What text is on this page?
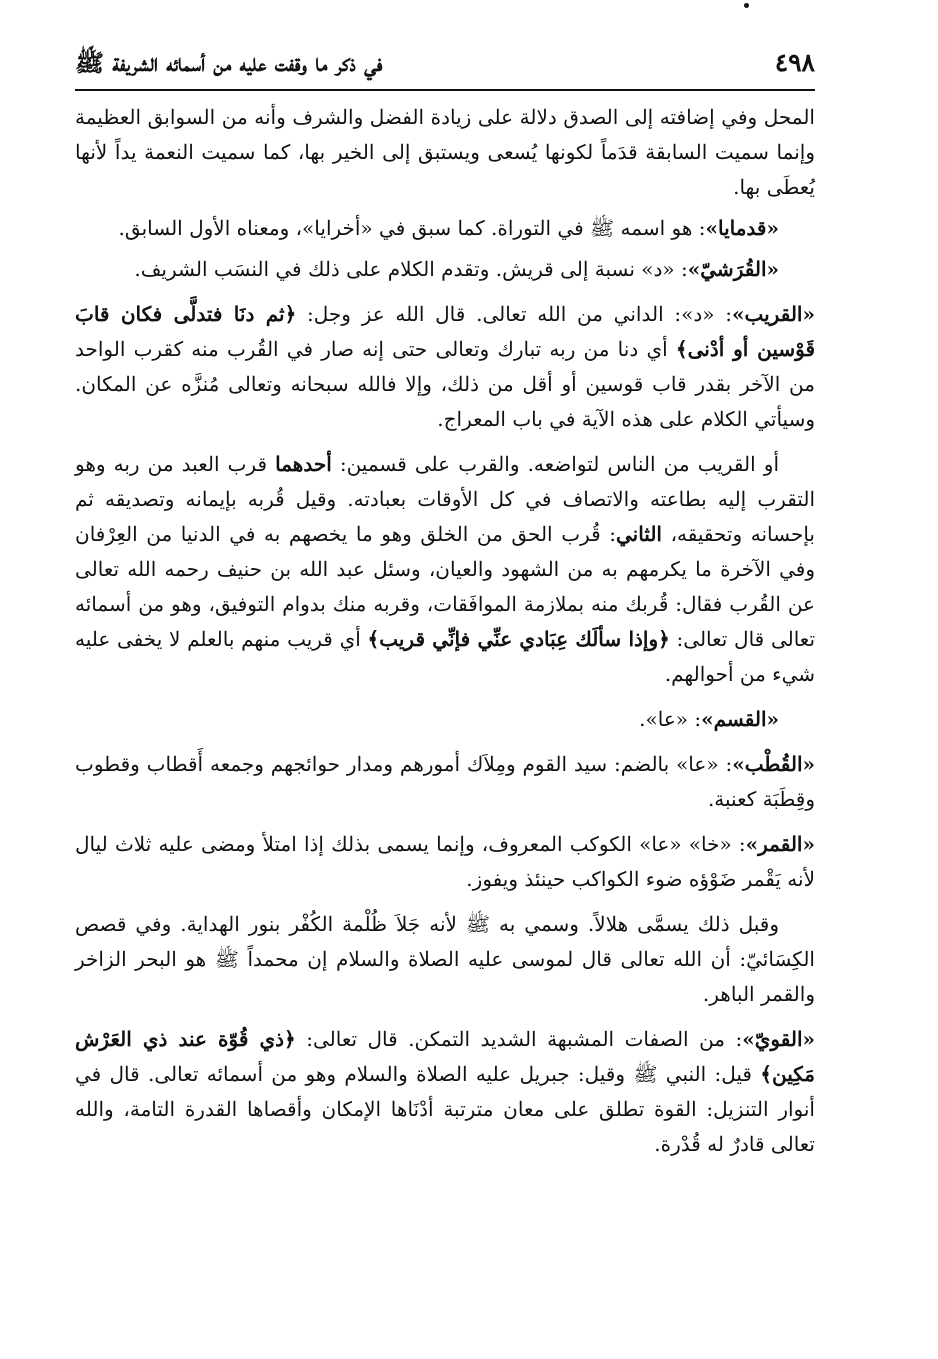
٤٩٨
في ذكر ما وقفت عليه من أسمائه الشريفة ﷺ

المحل وفي إضافته إلى الصدق دلالة على زيادة الفضل والشرف وأنه من السوابق العظيمة وإنما سميت السابقة قدَماً لكونها يُسعى ويستبق إلى الخير بها، كما سميت النعمة يداً لأنها يُعطَى بها.

«قدمايا»: هو اسمه ﷺ في التوراة. كما سبق في «أخرايا»، ومعناه الأول السابق.

«القُرَشيّ»: «د» نسبة إلى قريش. وتقدم الكلام على ذلك في النسَب الشريف.

«القريب»: «د»: الداني من الله تعالى. قال الله عز وجل: ﴿ثم دنَا فتدلَّى فكان قابَ قَوْسين أو أدْنى﴾ أي دنا من ربه تبارك وتعالى حتى إنه صار في القُرب منه كقرب الواحد من الآخر بقدر قاب قوسين أو أقل من ذلك، وإلا فالله سبحانه وتعالى مُنزَّه عن المكان. وسيأتي الكلام على هذه الآية في باب المعراج.

أو القريب من الناس لتواضعه. والقرب على قسمين: أحدهما قرب العبد من ربه وهو التقرب إليه بطاعته والاتصاف في كل الأوقات بعبادته. وقيل قُربه بإيمانه وتصديقه ثم بإحسانه وتحقيقه، الثاني: قُرب الحق من الخلق وهو ما يخصهم به في الدنيا من العِرْفان وفي الآخرة ما يكرمهم به من الشهود والعيان، وسئل عبد الله بن حنيف رحمه الله تعالى عن القُرب فقال: قُربك منه بملازمة الموافَقات، وقربه منك بدوام التوفيق، وهو من أسمائه تعالى قال تعالى: ﴿وإذا سألَك عِبَادي عنِّي فإنِّي قريب﴾ أي قريب منهم بالعلم لا يخفى عليه شيء من أحوالهم.

«القسم»: «عا».

«القُطْب»: «عا» بالضم: سيد القوم ومِلاَك أمورهم ومدار حوائجهم وجمعه أَقطاب وقطوب وقِطَبَة كعنبة.

«القمر»: «خا» «عا» الكوكب المعروف، وإنما يسمى بذلك إذا امتلأ ومضى عليه ثلاث ليال لأنه يَقْمر ضَوْؤه ضوء الكواكب حينئذ ويفوز.

وقبل ذلك يسمَّى هلالاً. وسمي به ﷺ لأنه جَلاَ ظُلْمة الكُفْر بنور الهداية. وفي قصص الكِسَائيّ: أن الله تعالى قال لموسى عليه الصلاة والسلام إن محمداً ﷺ هو البحر الزاخر والقمر الباهر.

«القويّ»: من الصفات المشبهة الشديد التمكن. قال تعالى: ﴿ذي قُوّة عند ذي العَرْش مَكِين﴾ قيل: النبي ﷺ وقيل: جبريل عليه الصلاة والسلام وهو من أسمائه تعالى. قال في أنوار التنزيل: القوة تطلق على معان مترتبة أدْنَاها الإمكان وأقصاها القدرة التامة، والله تعالى قادرٌ له قُدْرة.
